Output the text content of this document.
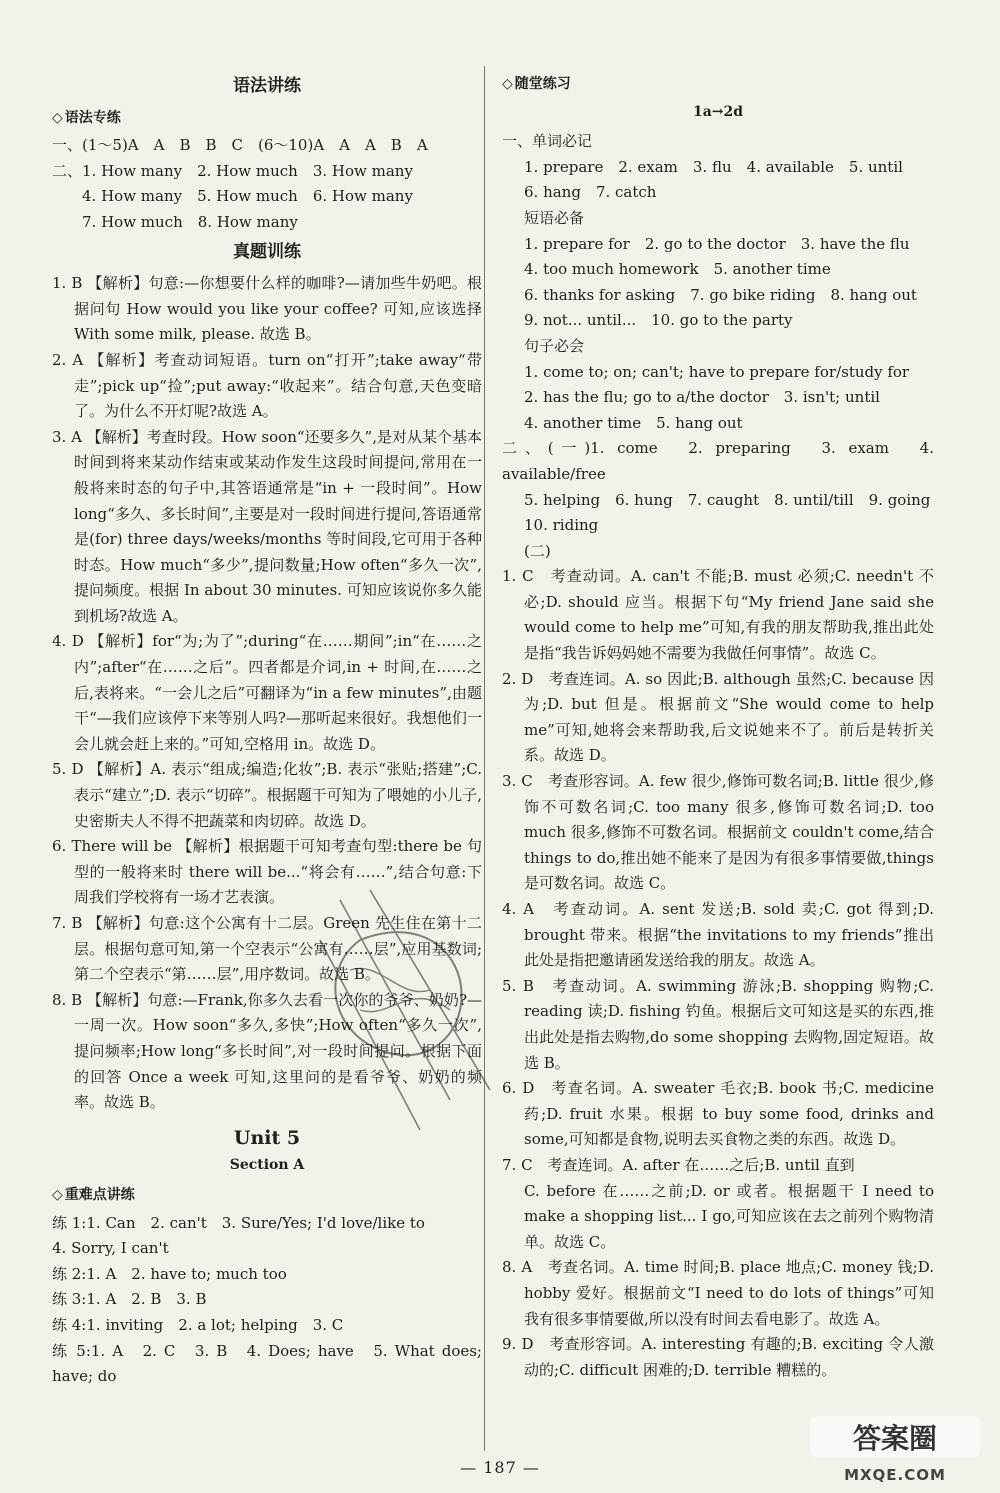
语法讲练
◇ 语法专练

一、(1～5)A　A　B　B　C　(6～10)A　A　A　B　A

二、1. How many　2. How much　3. How many

4. How many　5. How much　6. How many

7. How much　8. How many

真题训练

1. B 【解析】句意:—你想要什么样的咖啡?—请加些牛奶吧。根据问句 How would you like your coffee? 可知,应该选择 With some milk, please. 故选 B。

2. A 【解析】考查动词短语。turn on“打开”;take away“带走”;pick up“捡”;put away:“收起来”。结合句意,天色变暗了。为什么不开灯呢?故选 A。

3. A 【解析】考查时段。How soon“还要多久”,是对从某个基本时间到将来某动作结束或某动作发生这段时间提问,常用在一般将来时态的句子中,其答语通常是“in + 一段时间”。How long“多久、多长时间”,主要是对一段时间进行提问,答语通常是(for) three days/weeks/months 等时间段,它可用于各种时态。How much“多少”,提问数量;How often“多久一次”,提问频度。根据 In about 30 minutes. 可知应该说你多久能到机场?故选 A。

4. D 【解析】for“为;为了”;during“在……期间”;in“在……之内”;after“在……之后”。四者都是介词,in + 时间,在……之后,表将来。“一会儿之后”可翻译为“in a few minutes”,由题干“—我们应该停下来等别人吗?—那听起来很好。我想他们一会儿就会赶上来的。”可知,空格用 in。故选 D。

5. D 【解析】A. 表示“组成;编造;化妆”;B. 表示“张贴;搭建”;C. 表示“建立”;D. 表示“切碎”。根据题干可知为了喂她的小儿子,史密斯夫人不得不把蔬菜和肉切碎。故选 D。

6. There will be 【解析】根据题干可知考查句型:there be 句型的一般将来时 there will be...“将会有……”,结合句意:下周我们学校将有一场才艺表演。

7. B 【解析】句意:这个公寓有十二层。Green 先生住在第十二层。根据句意可知,第一个空表示“公寓有……层”,应用基数词;第二个空表示“第……层”,用序数词。故选 B。

8. B 【解析】句意:—Frank,你多久去看一次你的爷爷、奶奶?—一周一次。How soon“多久,多快”;How often“多久一次”,提问频率;How long“多长时间”,对一段时间提问。根据下面的回答 Once a week 可知,这里问的是看爷爷、奶奶的频率。故选 B。

Unit 5
Section A
◇ 重难点讲练

练 1:1. Can　2. can't　3. Sure/Yes; I'd love/like to

4. Sorry, I can't

练 2:1. A　2. have to; much too

练 3:1. A　2. B　3. B

练 4:1. inviting　2. a lot; helping　3. C

练 5:1. A　2. C　3. B　4. Does; have　5. What does; have; do

◇ 随堂练习
1a→2d

一、单词必记

1. prepare　2. exam　3. flu　4. available　5. until

6. hang　7. catch

短语必备

1. prepare for　2. go to the doctor　3. have the flu

4. too much homework　5. another time

6. thanks for asking　7. go bike riding　8. hang out

9. not... until...　10. go to the party

句子必会

1. come to; on; can't; have to prepare for/study for

2. has the flu; go to a/the doctor　3. isn't; until

4. another time　5. hang out

二、(一)1. come　2. preparing　3. exam　4. available/free

5. helping　6. hung　7. caught　8. until/till　9. going

10. riding

(二)

1. C　考查动词。A. can't 不能;B. must 必须;C. needn't 不必;D. should 应当。根据下句“My friend Jane said she would come to help me”可知,有我的朋友帮助我,推出此处是指“我告诉妈妈她不需要为我做任何事情”。故选 C。

2. D　考查连词。A. so 因此;B. although 虽然;C. because 因为;D. but 但是。根据前文“She would come to help me”可知,她将会来帮助我,后文说她来不了。前后是转折关系。故选 D。

3. C　考查形容词。A. few 很少,修饰可数名词;B. little 很少,修饰不可数名词;C. too many 很多,修饰可数名词;D. too much 很多,修饰不可数名词。根据前文 couldn't come,结合 things to do,推出她不能来了是因为有很多事情要做,things 是可数名词。故选 C。

4. A　考查动词。A. sent 发送;B. sold 卖;C. got 得到;D. brought 带来。根据“the invitations to my friends”推出此处是指把邀请函发送给我的朋友。故选 A。

5. B　考查动词。A. swimming 游泳;B. shopping 购物;C. reading 读;D. fishing 钓鱼。根据后文可知这是买的东西,推出此处是指去购物,do some shopping 去购物,固定短语。故选 B。

6. D　考查名词。A. sweater 毛衣;B. book 书;C. medicine 药;D. fruit 水果。根据 to buy some food, drinks and some,可知都是食物,说明去买食物之类的东西。故选 D。

7. C　考查连词。A. after 在……之后;B. until 直到

C. before 在……之前;D. or 或者。根据题干 I need to make a shopping list... I go,可知应该在去之前列个购物清单。故选 C。

8. A　考查名词。A. time 时间;B. place 地点;C. money 钱;D. hobby 爱好。根据前文“I need to do lots of things”可知我有很多事情要做,所以没有时间去看电影了。故选 A。

9. D　考查形容词。A. interesting 有趣的;B. exciting 令人激动的;C. difficult 困难的;D. terrible 糟糕的。

— 187 —
答案圈
MXQE.COM
